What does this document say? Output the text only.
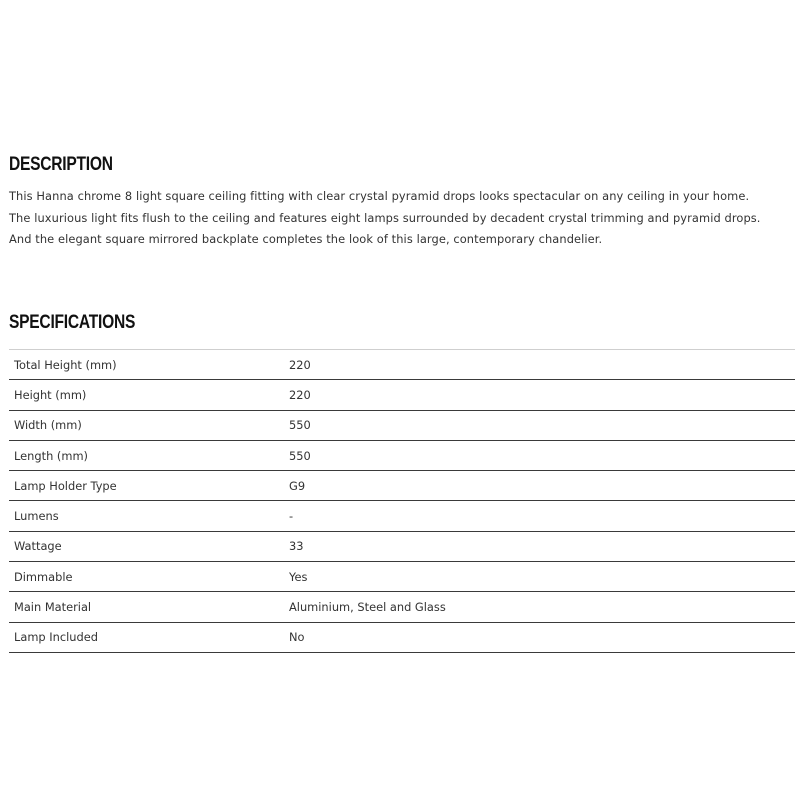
DESCRIPTION

This Hanna chrome 8 light square ceiling fitting with clear crystal pyramid drops looks spectacular on any ceiling in your home.

The luxurious light fits flush to the ceiling and features eight lamps surrounded by decadent crystal trimming and pyramid drops.

And the elegant square mirrored backplate completes the look of this large, contemporary chandelier.

SPECIFICATIONS
Total Height (mm)	220
Height (mm)	220
Width (mm)	550
Length (mm)	550
Lamp Holder Type	G9
Lumens	-
Wattage	33
Dimmable	Yes
Main Material	Aluminium, Steel and Glass
Lamp Included	No
